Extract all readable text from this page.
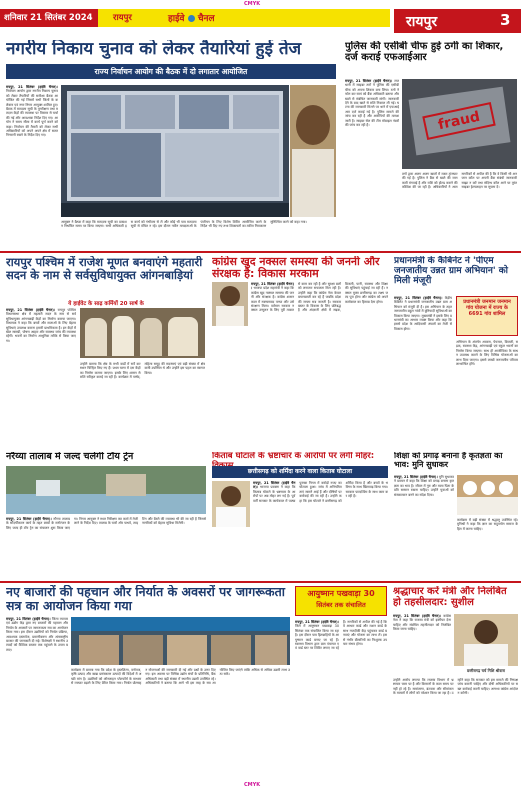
CMYK
शनिवार 21 सितंबर 2024 रायपुर	हाईवे चैनल	रायपुर	3
नगरीय निकाय चुनाव को लेकर तैयारियां हुई तेज
राज्य निर्वाचन आयोग की बैठक में दो लगातार आयोजित
रायपुर, 21 सितंबर (हाईवे चैनल)। निर्वाचन आयोग द्वारा नगरीय निकाय चुनाव को लेकर तैयारियों की समीक्षा बैठक आयोजित की गई जिसमें सभी जिलों के कलेक्टर एवं नगर निगम आयुक्त शामिल हुए। बैठक में मतदाता सूची के पुनरीक्षण तथा मतदान केंद्रों की व्यवस्था पर विस्तार से चर्चा की गई और आवश्यक निर्देश दिए गए। आयोग ने समय सीमा में कार्य पूर्ण करने को कहा। निर्वाचन की तैयारी को लेकर सभी अधिकारियों को अपने अपने क्षेत्र में सतत निगरानी रखने के निर्देश दिए गए।
आयुक्त ने बैठक में कहा कि मतदाता सूची का प्रकाशन निर्धारित समय पर किया जाएगा। सभी अधिकारी इस कार्य को गंभीरता से लें और कोई भी पात्र मतदाता सूची से वंचित न रहे। इस दौरान नवीन मतदाताओं के पंजीयन के लिए विशेष शिविर आयोजित करने के निर्देश भी दिए गए तथा शिकायतों का त्वरित निराकरण सुनिश्चित करने को कहा गया।
पुलिस की एसीबी चीफ हुई ठगी का शिकार, दर्ज कराई एफआईआर
रायपुर, 21 सितंबर (हाईवे चैनल)। राजधानी में साइबर ठगों ने पुलिस की एसीबी चीफ को अपना शिकार बना लिया। ठगों ने फोन कर स्वयं को बैंक अधिकारी बताया और खाते से संबंधित जानकारी मांगी। जानकारी देने के बाद खाते से राशि निकाल ली गई। घटना की जानकारी मिलने पर थाने में एफआईआर दर्ज कराई गई है। पुलिस मामले की जांच कर रही है और आरोपियों की तलाश जारी है। साइबर सेल की टीम मोबाइल नंबरों की जांच कर रही है।	fraud
ठगों द्वारा अलग अलग खातों में रकम ट्रांसफर की गई है। पुलिस ने बैंक से खाते की जानकारी मंगवाई है और राशि को होल्ड कराने की कोशिश की जा रही है। अधिकारियों ने आम नागरिकों से अपील की है कि वे किसी भी अनजान कॉल पर अपनी बैंक संबंधी जानकारी साझा न करें तथा संदिग्ध कॉल आने पर तुरंत साइबर हेल्पलाइन पर सूचना दें।
रायपुर पश्चिम में राजेश मूणत बनवाएंगे महतारी सदन के नाम से सर्वसुविधायुक्त आंगनबाड़ियां
ये हाईवेट के साढ़ कर्मियों 20 सार्ष के
रायपुर, 21 सितंबर (हाईवे चैनल)। रायपुर पश्चिम विधानसभा क्षेत्र में महतारी सदन के नाम से सर्वसुविधायुक्त आंगनबाड़ी केंद्रों का निर्माण कराया जाएगा। विधायक ने कहा कि बच्चों और माताओं के लिए बेहतर सुविधाएं उपलब्ध कराना हमारी प्राथमिकता है। इन केंद्रों में खेल सामग्री, पोषण आहार और स्वास्थ्य जांच की व्यवस्था रहेगी। भवनों का निर्माण आधुनिक तरीके से किया जाएगा।
उन्होंने बताया कि क्षेत्र के सभी वार्डों में सर्वे कर स्थान चिन्हित किए गए हैं। प्रथम चरण में दस केंद्रों का निर्माण कराया जाएगा। इसके लिए शासन से राशि स्वीकृत कराई जा रही है। कार्यक्रम में पार्षद, महिला समूह की सदस्याएं एवं बड़ी संख्या में क्षेत्रवासी उपस्थित थे और उन्होंने इस पहल का स्वागत किया।
कांग्रेस खुद नक्सल समस्या की जननी और संरक्षक है: विकास मरकाम
रायपुर, 21 सितंबर (हाईवे चैनल)। भाजपा प्रदेश महामंत्री ने कहा कि कांग्रेस खुद नक्सल समस्या की जननी और संरक्षक है। कांग्रेस शासनकाल में नक्सलवाद पनपा और उसे संरक्षण मिला। वर्तमान सरकार नक्सल उन्मूलन के लिए पूरी ताकत से काम कर रही है और सुरक्षा बलों को लगातार सफलता मिल रही है। उन्होंने कहा कि कांग्रेस नेता केवल बयानबाजी कर रहे हैं जबकि प्रदेश की जनता सब जानती है। सरकार बस्तर के विकास के लिए प्रतिबद्ध है और अंदरूनी क्षेत्रों में सड़क, बिजली, पानी, स्वास्थ्य और शिक्षा की सुविधाएं पहुंचाई जा रही हैं। नक्सल मुक्त छत्तीसगढ़ का लक्ष्य जल्द पूरा होगा और कांग्रेस को अपने कार्यकाल का हिसाब देना होगा।
प्रधानमंत्री के कैबिनेट ने 'पीएम जनजातीय उन्नत ग्राम अभियान' को मिली मंजूरी
रायपुर, 21 सितंबर (हाईवे चैनल)। केंद्रीय कैबिनेट ने प्रधानमंत्री जनजातीय उन्नत ग्राम अभियान को मंजूरी दी है। इस अभियान के तहत जनजातीय बहुल गांवों में बुनियादी सुविधाओं का विकास किया जाएगा। मुख्यमंत्री ने इसके लिए प्रधानमंत्री का आभार व्यक्त किया और कहा कि इससे प्रदेश के आदिवासी अंचलों का तेजी से विकास होगा।
प्रधानमंत्री जनमान जनमान गांव योजना में राज्य के 6691 गांव शामिल
अभियान के अंतर्गत आवास, पेयजल, बिजली, सड़क, स्वास्थ्य केंद्र, आंगनबाड़ी एवं स्कूल भवनों का निर्माण किया जाएगा। साथ ही आजीविका के साधन उपलब्ध कराने के लिए विभिन्न योजनाओं का लाभ दिया जाएगा। इससे लाखों जनजातीय परिवार लाभान्वित होंगे।
नरैय्या तालाब में जल्द चलेगी टॉय ट्रेन
रायपुर, 21 सितंबर (हाईवे चैनल)। नरैय्या तालाब के सौंदर्यीकरण कार्य के तहत बच्चों के मनोरंजन के लिए जल्द ही टॉय ट्रेन का संचालन शुरू किया जाएगा। निगम आयुक्त ने स्थल निरीक्षण कर कार्य में तेजी लाने के निर्देश दिए। तालाब के चारों ओर पाथवे, लाइटिंग और बैठने की व्यवस्था भी की जा रही है जिससे नागरिकों को बेहतर सुविधा मिलेगी।
किताब घोटाले के भ्रष्टाचार के आरोपों पर लगी मोहर:
छत्तीसगढ़ को शर्मिंदा करने वाला किताब घोटाला
रायपुर, 21 सितंबर (हाईवे चैनल)। भाजपा प्रवक्ता ने कहा कि किताब घोटाले के भ्रष्टाचार के आरोपों पर अब मोहर लग गई है। पूर्ववर्ती सरकार के कार्यकाल में पाठ्यपुस्तक निगम में करोड़ों रुपए का घोटाला हुआ। जांच में अनियमितताएं सामने आई हैं और दोषियों पर कार्रवाई की जा रही है। उन्होंने कहा कि इस घोटाले ने छत्तीसगढ़ को शर्मिंदा किया है और बच्चों के भविष्य के साथ खिलवाड़ किया गया। सरकार पारदर्शिता के साथ काम कर रही है।
शिक्षा को प्रगाढ़ बनाना है कृतज्ञता का भाव: मुनि सुधाकर
रायपुर, 21 सितंबर (हाईवे चैनल)। मुनि सुधाकर ने प्रवचन में कहा कि शिक्षा को प्रगाढ़ बनाना कृतज्ञता का भाव है। जीवन में गुरु और माता पिता के प्रति सम्मान रखना चाहिए। उन्होंने युवाओं को संस्कारवान बनने का संदेश दिया।
कार्यक्रम में बड़ी संख्या में श्रद्धालु उपस्थित रहे। मुनिश्री ने कहा कि ज्ञान का सदुपयोग समाज के हित में करना चाहिए।
नए बाजारों की पहचान और निर्यात के अवसरों पर जागरूकता सत्र का आयोजन किया गया
रायपुर, 21 सितंबर (हाईवे चैनल)। जिला व्यापार एवं उद्योग केंद्र द्वारा नए बाजारों की पहचान और निर्यात के अवसरों पर जागरूकता सत्र का आयोजन किया गया। इस दौरान उद्यमियों को निर्यात प्रक्रिया, आवश्यक दस्तावेज, प्रमाणीकरण और अंतरराष्ट्रीय बाजार की जानकारी दी गई। विशेषज्ञों ने स्थानीय उत्पादों को वैश्विक बाजार तक पहुंचाने के उपाय बताए।
कार्यक्रम में बताया गया कि प्रदेश के हस्तशिल्प, वनोपज, कृषि उत्पाद और खाद्य प्रसंस्करण उत्पादों की विदेशों में अच्छी मांग है। उद्यमियों को ऑनलाइन प्लेटफॉर्म के माध्यम से व्यापार बढ़ाने के लिए प्रेरित किया गया। निर्यात प्रोत्साहन योजनाओं की जानकारी दी गई और प्रश्नों के उत्तर दिए गए। इस अवसर पर विभिन्न उद्योग संघों के प्रतिनिधि, बैंक अधिकारी तथा बड़ी संख्या में स्थानीय उद्यमी उपस्थित रहे। अधिकारियों ने बताया कि आगे भी इस तरह के सत्र आयोजित किए जाएंगे ताकि अधिक से अधिक उद्यमी लाभ उठा सकें।
आयुष्मान पखवाड़ा 30
सितंबर तक संचालित
रायपुर, 21 सितंबर (हाईवे चैनल)। जिले में आयुष्मान पखवाड़ा 30 सितंबर तक संचालित किया जा रहा है। इस दौरान पात्र हितग्राहियों के आयुष्मान कार्ड बनाए जा रहे हैं। स्वास्थ्य विभाग द्वारा ग्राम पंचायत एवं वार्ड स्तर पर शिविर लगाए जा रहे हैं। नागरिकों से अपील की गई है कि वे आधार कार्ड और राशन कार्ड के साथ नजदीकी केंद्र पहुंचकर कार्ड बनवाएं और योजना का लाभ लें। इससे गंभीर बीमारियों का निःशुल्क उपचार संभव होगा।
श्रद्धाचार करें मंत्री और निलंबित हो तहसीलदार: सुशील
रायपुर, 21 सितंबर (हाईवे चैनल)। कांग्रेस नेता ने कहा कि राजस्व मंत्री को इस्तीफा देना चाहिए और संबंधित तहसीलदार को निलंबित किया जाना चाहिए।
छत्तीसगढ़ चर्च निशि श्रीवास
उन्होंने आरोप लगाया कि राजस्व विभाग में भ्रष्टाचार चरम पर है और किसानों के काम समय पर नहीं हो रहे हैं। नामांतरण, बंटवारा और सीमांकन के मामलों में लोगों को परेशान किया जा रहा है। उन्होंने कहा कि सरकार को इस मामले की निष्पक्ष जांच करानी चाहिए और दोषी अधिकारियों पर सख्त कार्रवाई करनी चाहिए। अन्यथा कांग्रेस आंदोलन करेगी।
CMYK
